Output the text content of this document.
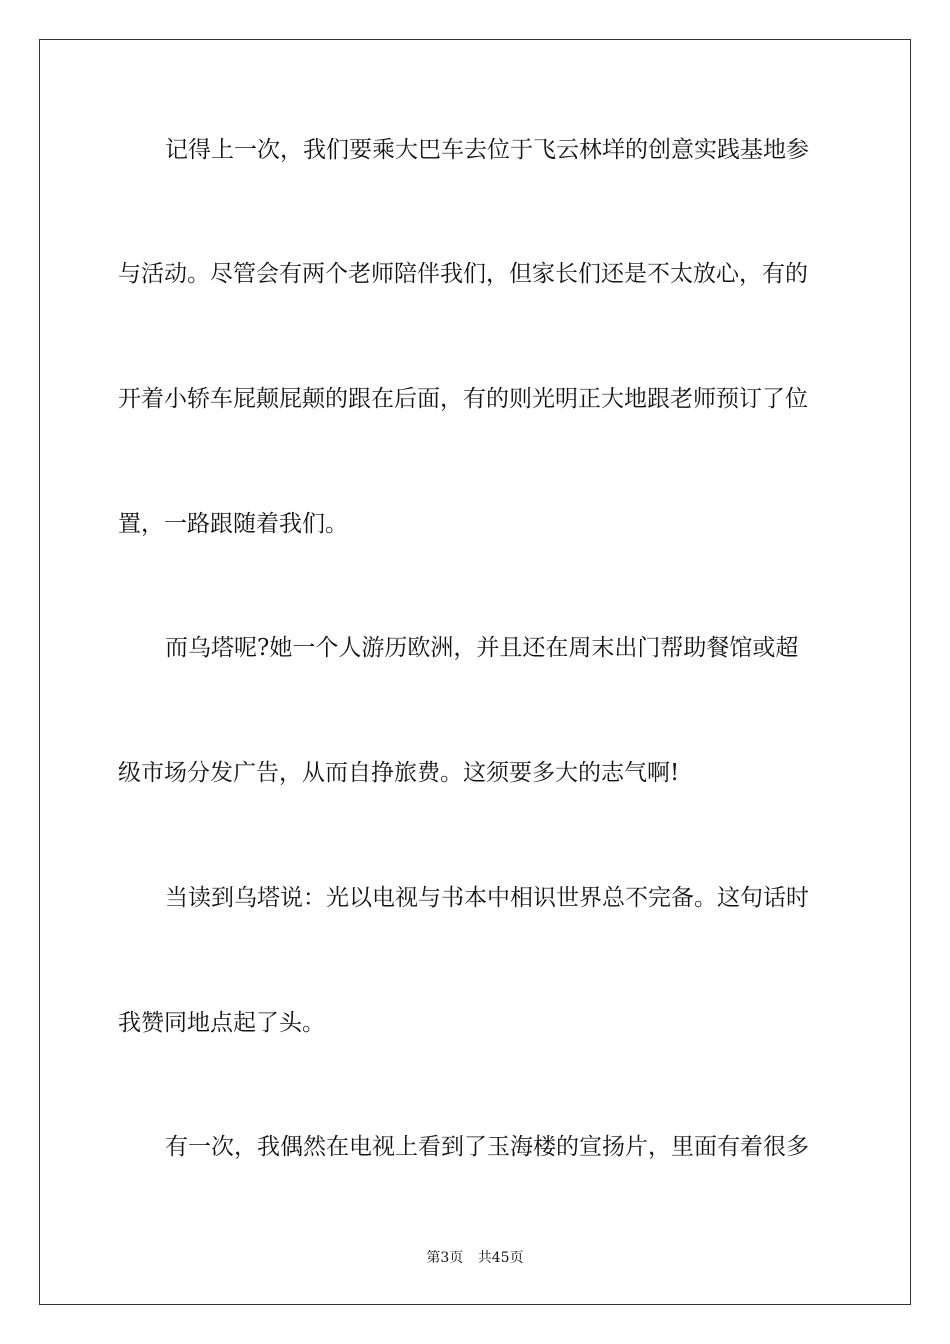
记得上一次，我们要乘大巴车去位于飞云林垟的创意实践基地参
与活动。尽管会有两个老师陪伴我们，但家长们还是不太放心，有的
开着小轿车屁颠屁颠的跟在后面，有的则光明正大地跟老师预订了位
置，一路跟随着我们。
而乌塔呢?她一个人游历欧洲，并且还在周末出门帮助餐馆或超
级市场分发广告，从而自挣旅费。这须要多大的志气啊!
当读到乌塔说：光以电视与书本中相识世界总不完备。这句话时
我赞同地点起了头。
有一次，我偶然在电视上看到了玉海楼的宣扬片，里面有着很多
第3页 共45页
